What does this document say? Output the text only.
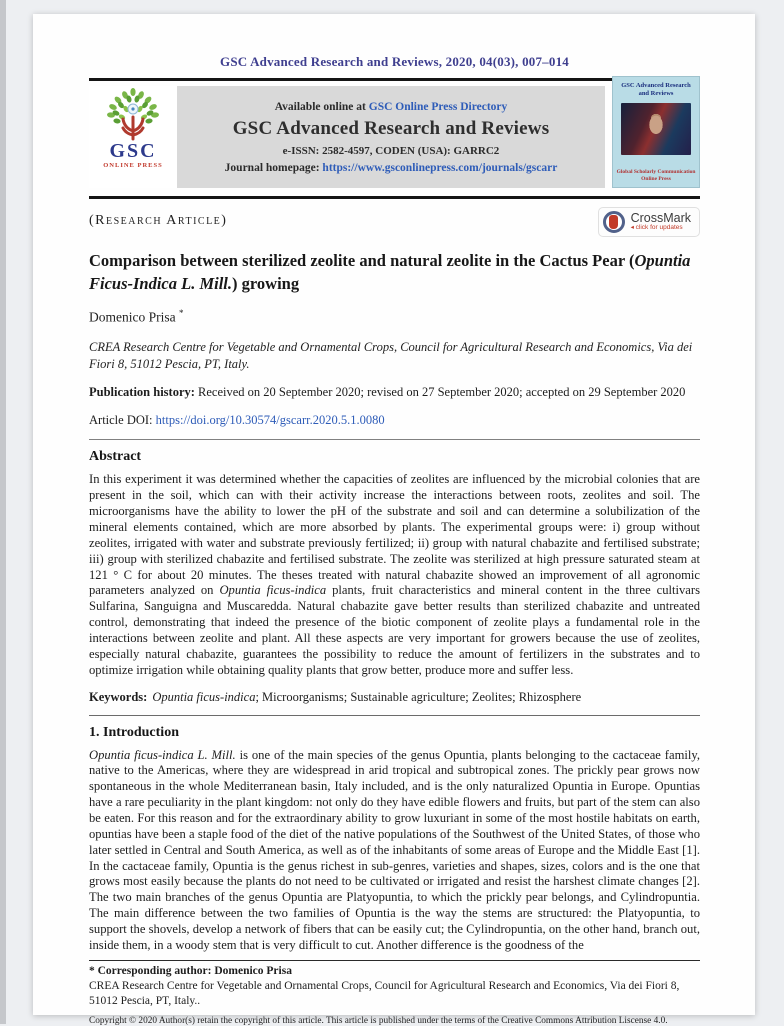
GSC Advanced Research and Reviews, 2020, 04(03), 007–014
GSC
ONLINE PRESS
Available online at GSC Online Press Directory
GSC Advanced Research and Reviews
e-ISSN: 2582-4597, CODEN (USA): GARRC2
Journal homepage: https://www.gsconlinepress.com/journals/gscarr
GSC Advanced Research and Reviews
Global Scholarly Communication Online Press
(Research Article)	CrossMark
◂ click for updates
Comparison between sterilized zeolite and natural zeolite in the Cactus Pear (Opuntia Ficus-Indica L. Mill.) growing
Domenico Prisa *
CREA Research Centre for Vegetable and Ornamental Crops, Council for Agricultural Research and Economics, Via dei Fiori 8, 51012 Pescia, PT, Italy.
Publication history: Received on 20 September 2020; revised on 27 September 2020; accepted on 29 September 2020
Article DOI: https://doi.org/10.30574/gscarr.2020.5.1.0080
Abstract
In this experiment it was determined whether the capacities of zeolites are influenced by the microbial colonies that are present in the soil, which can with their activity increase the interactions between roots, zeolites and soil. The microorganisms have the ability to lower the pH of the substrate and soil and can determine a solubilization of the mineral elements contained, which are more absorbed by plants. The experimental groups were: i) group without zeolites, irrigated with water and substrate previously fertilized; ii) group with natural chabazite and fertilised substrate; iii) group with sterilized chabazite and fertilised substrate. The zeolite was sterilized at high pressure saturated steam at 121 ° C for about 20 minutes. The theses treated with natural chabazite showed an improvement of all agronomic parameters analyzed on Opuntia ficus-indica plants, fruit characteristics and mineral content in the three cultivars Sulfarina, Sanguigna and Muscaredda. Natural chabazite gave better results than sterilized chabazite and untreated control, demonstrating that indeed the presence of the biotic component of zeolite plays a fundamental role in the interactions between zeolite and plant. All these aspects are very important for growers because the use of zeolites, especially natural chabazite, guarantees the possibility to reduce the amount of fertilizers in the substrates and to optimize irrigation while obtaining quality plants that grow better, produce more and suffer less.
Keywords: Opuntia ficus-indica; Microorganisms; Sustainable agriculture; Zeolites; Rhizosphere
1. Introduction
Opuntia ficus-indica L. Mill. is one of the main species of the genus Opuntia, plants belonging to the cactaceae family, native to the Americas, where they are widespread in arid tropical and subtropical zones. The prickly pear grows now spontaneous in the whole Mediterranean basin, Italy included, and is the only naturalized Opuntia in Europe. Opuntias have a rare peculiarity in the plant kingdom: not only do they have edible flowers and fruits, but part of the stem can also be eaten. For this reason and for the extraordinary ability to grow luxuriant in some of the most hostile habitats on earth, opuntias have been a staple food of the diet of the native populations of the Southwest of the United States, of those who later settled in Central and South America, as well as of the inhabitants of some areas of Europe and the Middle East [1]. In the cactaceae family, Opuntia is the genus richest in sub-genres, varieties and shapes, sizes, colors and is the one that grows most easily because the plants do not need to be cultivated or irrigated and resist the harshest climate changes [2]. The two main branches of the genus Opuntia are Platyopuntia, to which the prickly pear belongs, and Cylindropuntia. The main difference between the two families of Opuntia is the way the stems are structured: the Platyopuntia, to support the shovels, develop a network of fibers that can be easily cut; the Cylindropuntia, on the other hand, branch out, inside them, in a woody stem that is very difficult to cut. Another difference is the goodness of the
* Corresponding author: Domenico Prisa
CREA Research Centre for Vegetable and Ornamental Crops, Council for Agricultural Research and Economics, Via dei Fiori 8, 51012 Pescia, PT, Italy..
Copyright © 2020 Author(s) retain the copyright of this article. This article is published under the terms of the Creative Commons Attribution Liscense 4.0.
